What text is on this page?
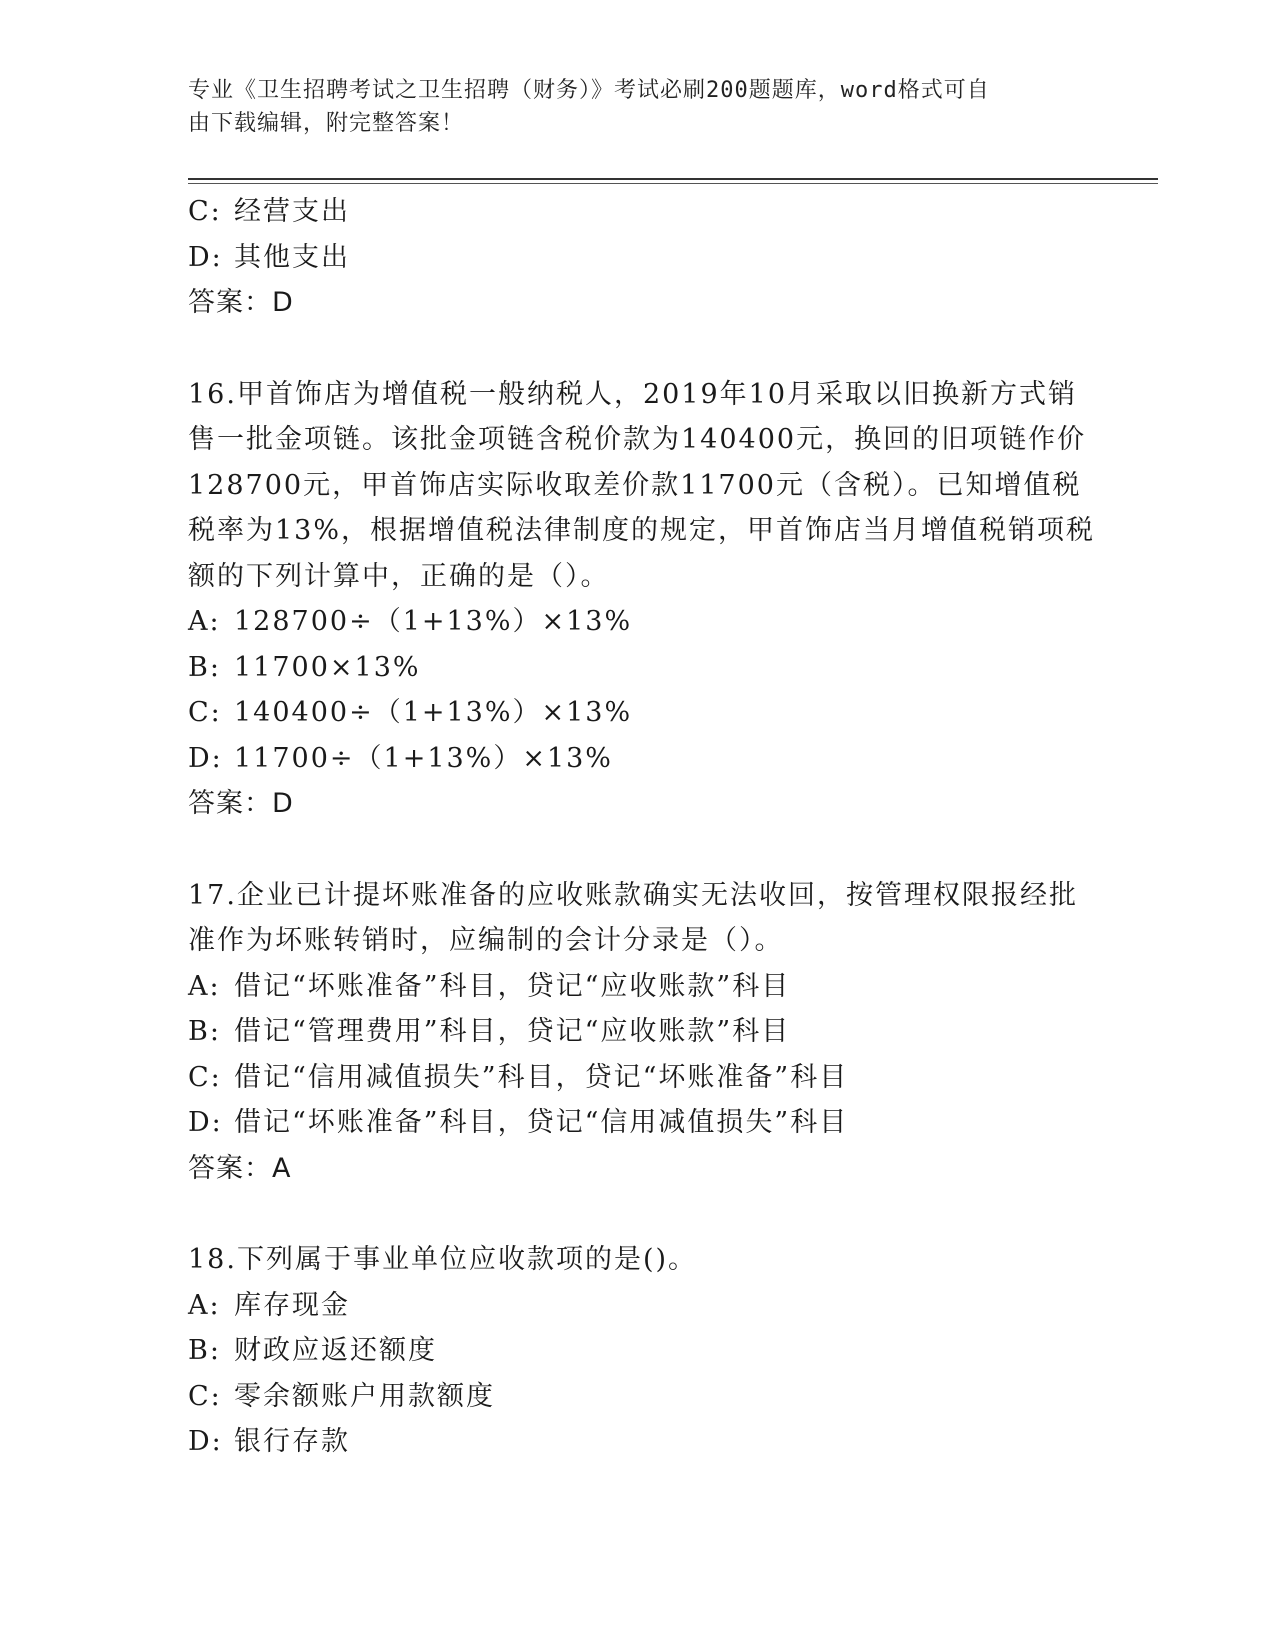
专业《卫生招聘考试之卫生招聘（财务）》考试必刷200题题库，word格式可自
由下载编辑，附完整答案！
C: 经营支出
D: 其他支出
答案：D
16.甲首饰店为增值税一般纳税人，2019年10月采取以旧换新方式销
售一批金项链。该批金项链含税价款为140400元，换回的旧项链作价
128700元，甲首饰店实际收取差价款11700元（含税）。已知增值税
税率为13%，根据增值税法律制度的规定，甲首饰店当月增值税销项税
额的下列计算中，正确的是（）。
A: 128700÷（1+13%）×13%
B: 11700×13%
C: 140400÷（1+13%）×13%
D: 11700÷（1+13%）×13%
答案：D
17.企业已计提坏账准备的应收账款确实无法收回，按管理权限报经批
准作为坏账转销时，应编制的会计分录是（）。
A: 借记“坏账准备”科目，贷记“应收账款”科目
B: 借记“管理费用”科目，贷记“应收账款”科目
C: 借记“信用减值损失”科目，贷记“坏账准备”科目
D: 借记“坏账准备”科目，贷记“信用减值损失”科目
答案：A
18.下列属于事业单位应收款项的是()。
A: 库存现金
B: 财政应返还额度
C: 零余额账户用款额度
D: 银行存款
